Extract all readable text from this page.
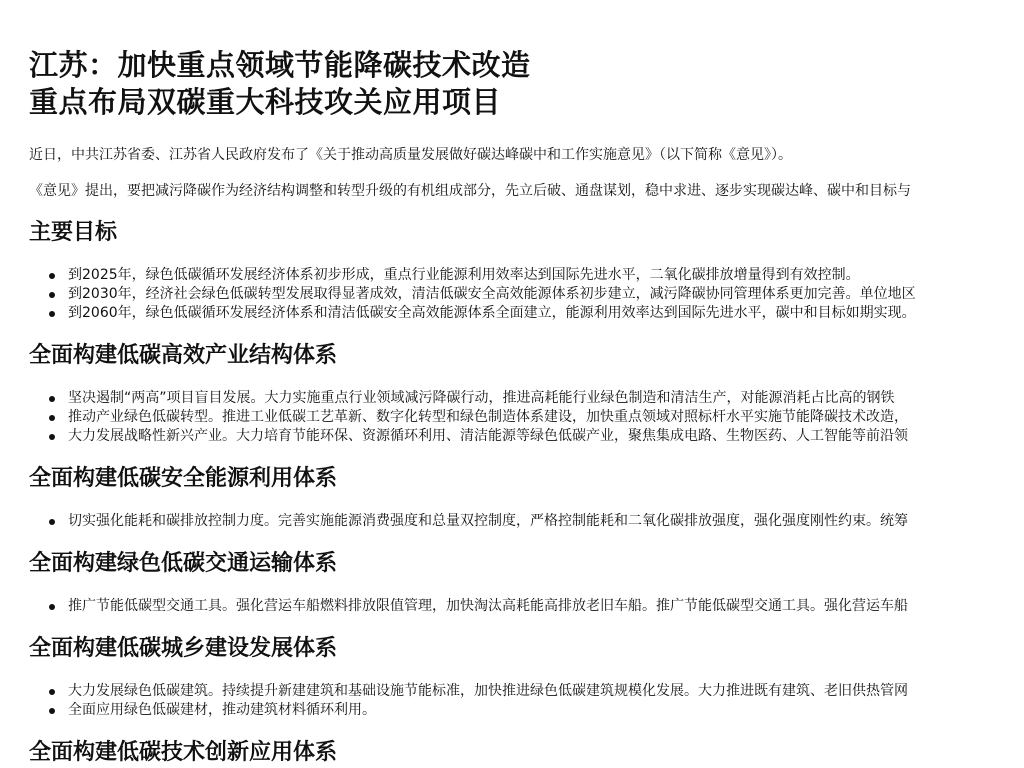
江苏：加快重点领域节能降碳技术改造
重点布局双碳重大科技攻关应用项目

近日，中共江苏省委、江苏省人民政府发布了《关于推动高质量发展做好碳达峰碳中和工作实施意见》（以下简称《意见》）。

《意见》提出，要把减污降碳作为经济结构调整和转型升级的有机组成部分，先立后破、通盘谋划，稳中求进、逐步实现碳达峰、碳中和目标与

主要目标
到2025年，绿色低碳循环发展经济体系初步形成，重点行业能源利用效率达到国际先进水平，二氧化碳排放增量得到有效控制。
到2030年，经济社会绿色低碳转型发展取得显著成效，清洁低碳安全高效能源体系初步建立，减污降碳协同管理体系更加完善。单位地区
到2060年，绿色低碳循环发展经济体系和清洁低碳安全高效能源体系全面建立，能源利用效率达到国际先进水平，碳中和目标如期实现。
全面构建低碳高效产业结构体系
坚决遏制“两高”项目盲目发展。大力实施重点行业领域减污降碳行动，推进高耗能行业绿色制造和清洁生产，对能源消耗占比高的钢铁
推动产业绿色低碳转型。推进工业低碳工艺革新、数字化转型和绿色制造体系建设，加快重点领域对照标杆水平实施节能降碳技术改造，
大力发展战略性新兴产业。大力培育节能环保、资源循环利用、清洁能源等绿色低碳产业，聚焦集成电路、生物医药、人工智能等前沿领
全面构建低碳安全能源利用体系
切实强化能耗和碳排放控制力度。完善实施能源消费强度和总量双控制度，严格控制能耗和二氧化碳排放强度，强化强度刚性约束。统筹
全面构建绿色低碳交通运输体系
推广节能低碳型交通工具。强化营运车船燃料排放限值管理，加快淘汰高耗能高排放老旧车船。推广节能低碳型交通工具。强化营运车船
全面构建低碳城乡建设发展体系
大力发展绿色低碳建筑。持续提升新建建筑和基础设施节能标准，加快推进绿色低碳建筑规模化发展。大力推进既有建筑、老旧供热管网
全面应用绿色低碳建材，推动建筑材料循环利用。
全面构建低碳技术创新应用体系
